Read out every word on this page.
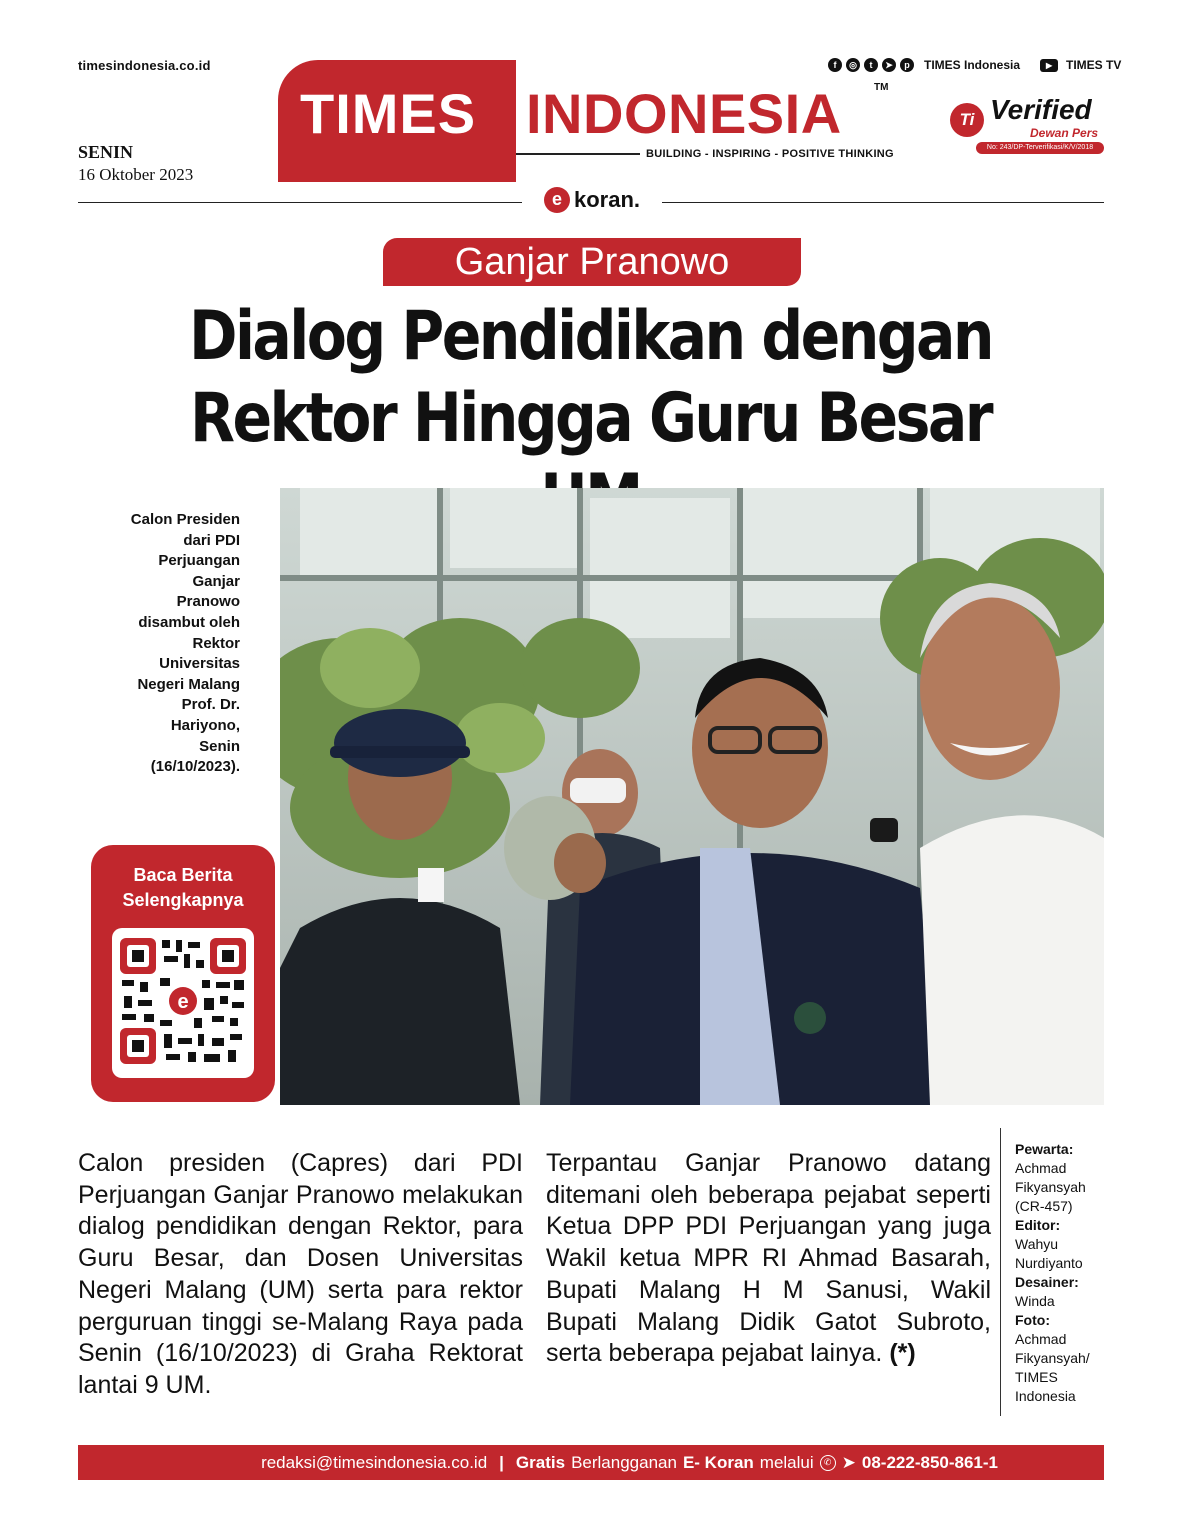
timesindonesia.co.id
SENIN
16 Oktober 2023
TIMES INDONESIA	TM
BUILDING - INSPIRING - POSITIVE THINKING
f	◎	t	➤	p	TIMES Indonesia	▶	TIMES TV
Ti Verified
Dewan Pers
No: 243/DP-Terverifikasi/K/V/2018
e koran.
Ganjar Pranowo
Dialog Pendidikan dengan
Rektor Hingga Guru Besar
Calon Presiden dari PDI Perjuangan Ganjar Pranowo disambut oleh Rektor Universitas Negeri Malang Prof. Dr. Hariyono, Senin (16/10/2023).
Baca Berita Selengkapnya
e
Calon presiden (Capres) dari PDI Perjuangan Ganjar Pranowo melakukan dialog pendidikan dengan Rektor, para Guru Besar, dan Dosen Universitas Negeri Malang (UM) serta para rektor perguruan tinggi se-Malang Raya pada Senin (16/10/2023) di Graha Rektorat lantai 9 UM.
Terpantau Ganjar Pranowo datang ditemani oleh beberapa pejabat seperti Ketua DPP PDI Perjuangan yang juga Wakil ketua MPR RI Ahmad Basarah, Bupati Malang H M Sanusi, Wakil Bupati Malang Didik Gatot Subroto, serta beberapa pejabat lainya. (*)
Pewarta:
Achmad Fikyansyah (CR-457)
Editor:
Wahyu Nurdiyanto
Desainer:
Winda
Foto:
Achmad Fikyansyah/ TIMES Indonesia
redaksi@timesindonesia.co.id | Gratis Berlangganan E- Koran melalui	✆ ➤ 08-222-850-861-1
